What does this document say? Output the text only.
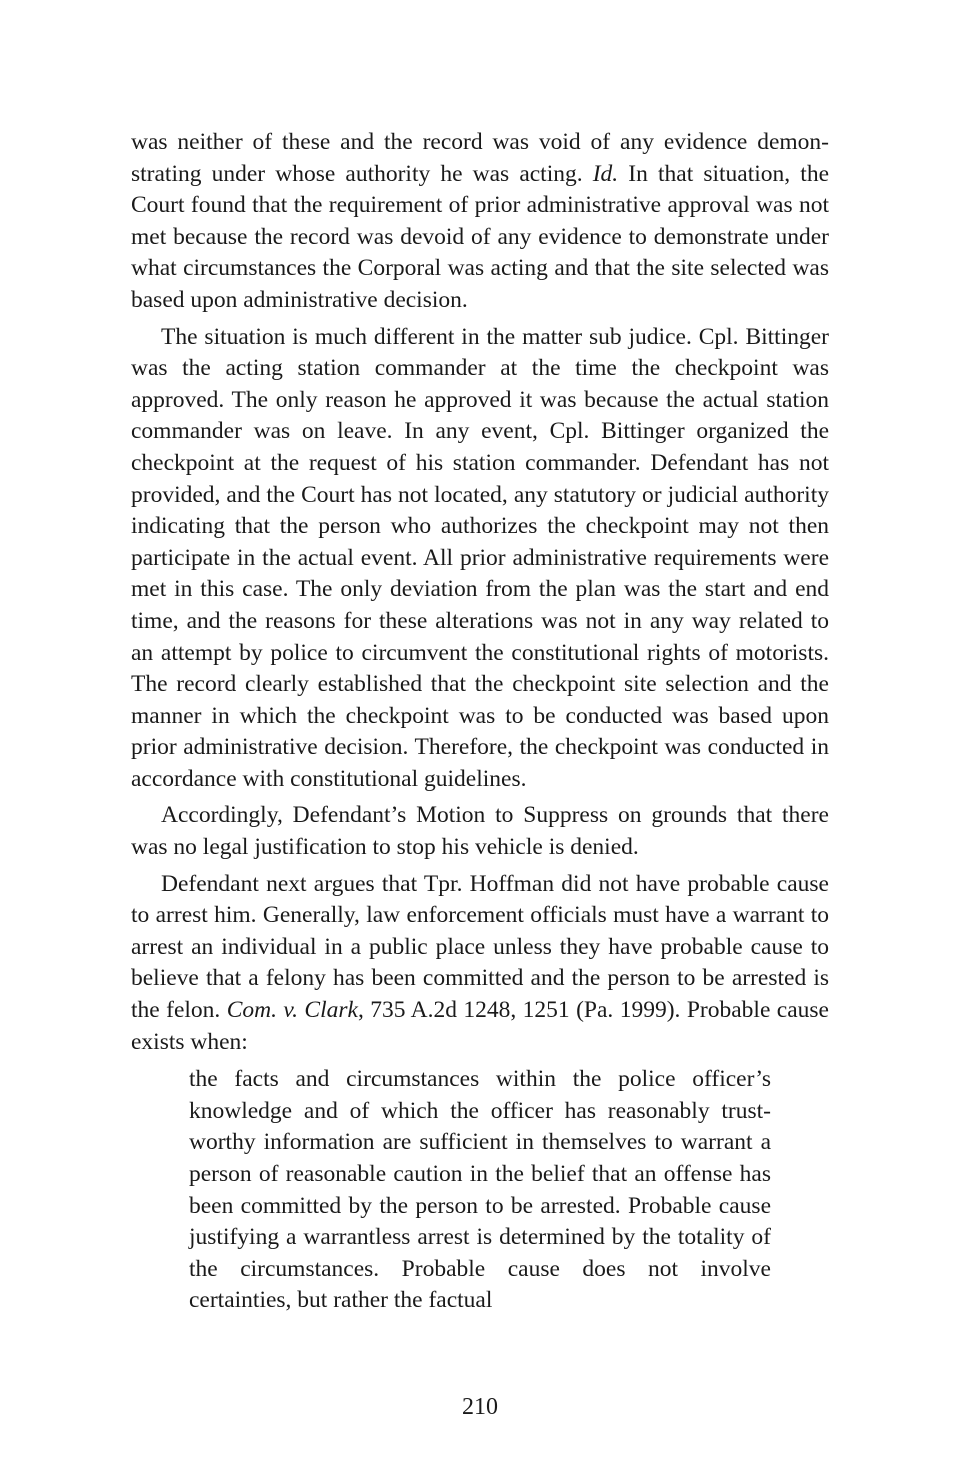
was neither of these and the record was void of any evidence demonstrating under whose authority he was acting. Id. In that situation, the Court found that the requirement of prior administrative approval was not met because the record was devoid of any evidence to demonstrate under what circumstances the Corporal was acting and that the site selected was based upon administrative decision.

The situation is much different in the matter sub judice. Cpl. Bittinger was the acting station commander at the time the checkpoint was approved. The only reason he approved it was because the actual station commander was on leave. In any event, Cpl. Bittinger organized the checkpoint at the request of his station commander. Defendant has not provided, and the Court has not located, any statutory or judicial authority indicating that the person who authorizes the checkpoint may not then participate in the actual event. All prior administrative requirements were met in this case. The only deviation from the plan was the start and end time, and the reasons for these alterations was not in any way related to an attempt by police to circumvent the constitutional rights of motorists. The record clearly established that the checkpoint site selection and the manner in which the checkpoint was to be conducted was based upon prior administrative decision. Therefore, the checkpoint was conducted in accordance with constitutional guidelines.

Accordingly, Defendant’s Motion to Suppress on grounds that there was no legal justification to stop his vehicle is denied.

Defendant next argues that Tpr. Hoffman did not have probable cause to arrest him. Generally, law enforcement officials must have a warrant to arrest an individual in a public place unless they have probable cause to believe that a felony has been committed and the person to be arrested is the felon. Com. v. Clark, 735 A.2d 1248, 1251 (Pa. 1999). Probable cause exists when:

the facts and circumstances within the police officer’s knowledge and of which the officer has reasonably trustworthy information are sufficient in themselves to warrant a person of reasonable caution in the belief that an offense has been committed by the person to be arrested. Probable cause justifying a warrantless arrest is determined by the totality of the circumstances. Probable cause does not involve certainties, but rather the factual

210
